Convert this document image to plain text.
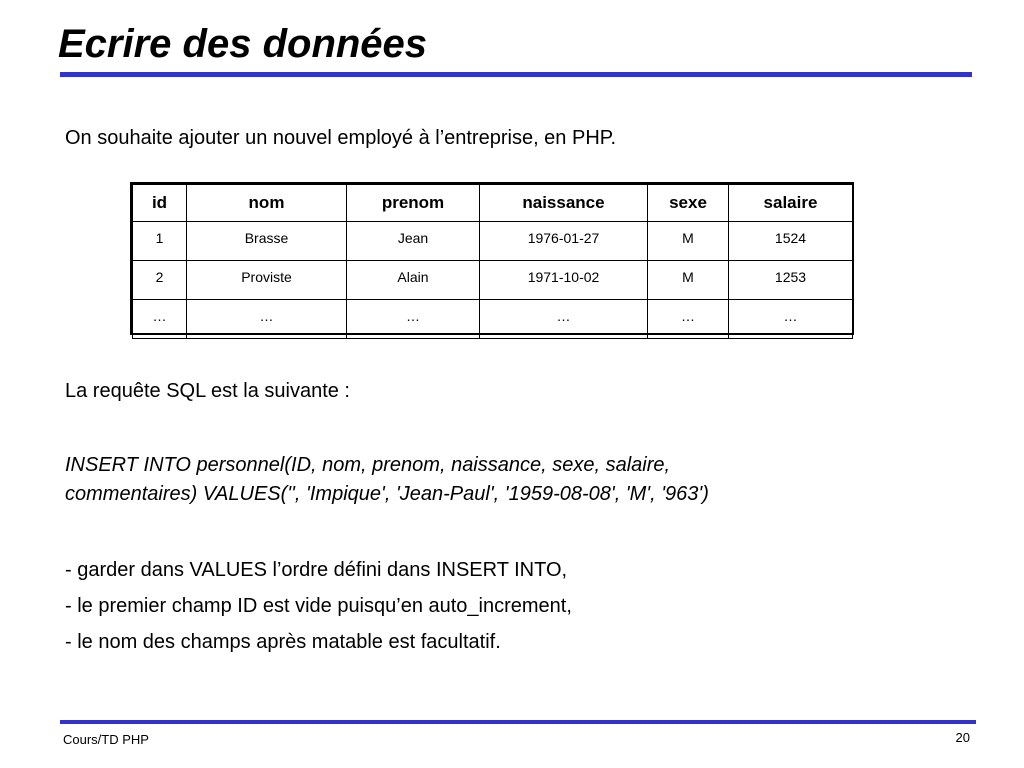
Ecrire des données

On souhaite ajouter un nouvel employé à l’entreprise, en PHP.

id	nom	prenom	naissance	sexe	salaire
1	Brasse	Jean	1976-01-27	M	1524
2	Proviste	Alain	1971-10-02	M	1253
…	…	…	…	…	…

La requête SQL est la suivante :

INSERT INTO personnel(ID, nom, prenom, naissance, sexe, salaire,
commentaires) VALUES('', 'Impique', 'Jean-Paul', '1959-08-08', 'M', '963')

- garder dans VALUES l’ordre défini dans INSERT INTO,
- le premier champ ID est vide puisqu’en auto_increment,
- le nom des champs après matable est facultatif.
Cours/TD PHP	20
